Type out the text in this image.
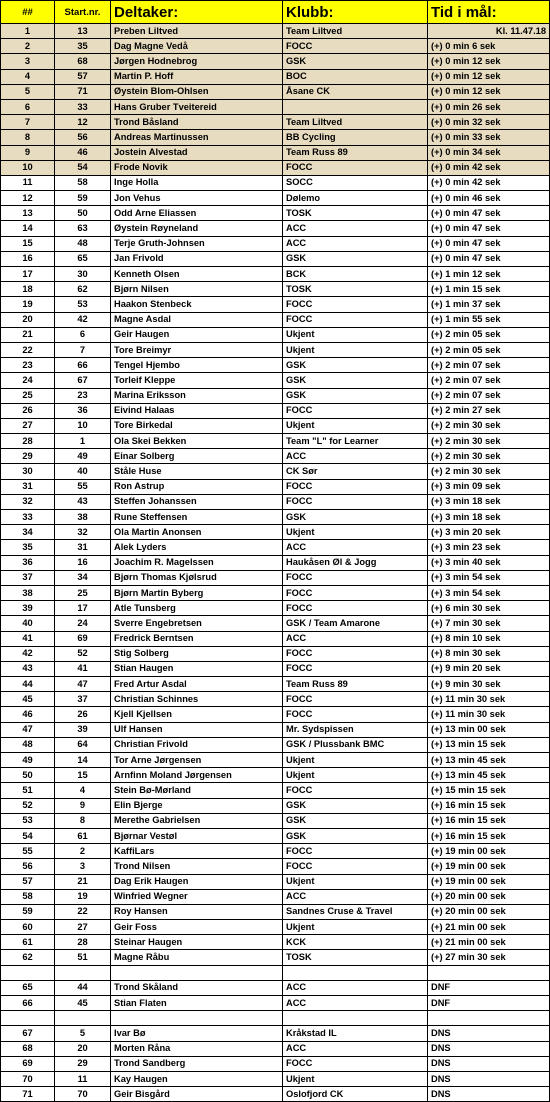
##	Start.nr.	Deltaker:	Klubb:	Tid i mål:
1	13	Preben Liltved	Team Liltved	Kl. 11.47.18
2	35	Dag Magne Vedå	FOCC	(+) 0 min 6 sek
3	68	Jørgen Hodnebrog	GSK	(+) 0 min 12 sek
4	57	Martin P. Hoff	BOC	(+) 0 min 12 sek
5	71	Øystein Blom-Ohlsen	Åsane CK	(+) 0 min 12 sek
6	33	Hans Gruber Tveitereid		(+) 0 min 26 sek
7	12	Trond Båsland	Team Liltved	(+) 0 min 32 sek
8	56	Andreas Martinussen	BB Cycling	(+) 0 min 33 sek
9	46	Jostein Alvestad	Team Russ 89	(+) 0 min 34 sek
10	54	Frode Novik	FOCC	(+) 0 min 42 sek
11	58	Inge Holla	SOCC	(+) 0 min 42 sek
12	59	Jon Vehus	Dølemo	(+) 0 min 46 sek
13	50	Odd Arne Eliassen	TOSK	(+) 0 min 47 sek
14	63	Øystein Røyneland	ACC	(+) 0 min 47 sek
15	48	Terje Gruth-Johnsen	ACC	(+) 0 min 47 sek
16	65	Jan Frivold	GSK	(+) 0 min 47 sek
17	30	Kenneth Olsen	BCK	(+) 1 min 12 sek
18	62	Bjørn Nilsen	TOSK	(+) 1 min 15 sek
19	53	Haakon Stenbeck	FOCC	(+) 1 min 37 sek
20	42	Magne Asdal	FOCC	(+) 1 min 55 sek
21	6	Geir Haugen	Ukjent	(+) 2 min 05 sek
22	7	Tore Breimyr	Ukjent	(+) 2 min 05 sek
23	66	Tengel Hjembo	GSK	(+) 2 min 07 sek
24	67	Torleif Kleppe	GSK	(+) 2 min 07 sek
25	23	Marina Eriksson	GSK	(+) 2 min 07 sek
26	36	Eivind Halaas	FOCC	(+) 2 min 27 sek
27	10	Tore Birkedal	Ukjent	(+) 2 min 30 sek
28	1	Ola Skei Bekken	Team "L" for Learner	(+) 2 min 30 sek
29	49	Einar Solberg	ACC	(+) 2 min 30 sek
30	40	Ståle Huse	CK Sør	(+) 2 min 30 sek
31	55	Ron Astrup	FOCC	(+) 3 min 09 sek
32	43	Steffen Johanssen	FOCC	(+) 3 min 18 sek
33	38	Rune Steffensen	GSK	(+) 3 min 18 sek
34	32	Ola Martin Anonsen	Ukjent	(+) 3 min 20 sek
35	31	Alek Lyders	ACC	(+) 3 min 23 sek
36	16	Joachim R. Magelssen	Haukåsen Øl & Jogg	(+) 3 min 40 sek
37	34	Bjørn Thomas Kjølsrud	FOCC	(+) 3 min 54 sek
38	25	Bjørn Martin Byberg	FOCC	(+) 3 min 54 sek
39	17	Atle Tunsberg	FOCC	(+) 6 min 30 sek
40	24	Sverre Engebretsen	GSK / Team Amarone	(+) 7 min 30 sek
41	69	Fredrick Berntsen	ACC	(+) 8 min 10 sek
42	52	Stig Solberg	FOCC	(+) 8 min 30 sek
43	41	Stian Haugen	FOCC	(+) 9 min 20 sek
44	47	Fred Artur Asdal	Team Russ 89	(+) 9 min 30 sek
45	37	Christian Schinnes	FOCC	(+) 11 min 30 sek
46	26	Kjell Kjellsen	FOCC	(+) 11 min 30 sek
47	39	Ulf Hansen	Mr. Sydspissen	(+) 13 min 00 sek
48	64	Christian Frivold	GSK / Plussbank BMC	(+) 13 min 15 sek
49	14	Tor Arne Jørgensen	Ukjent	(+) 13 min 45 sek
50	15	Arnfinn Moland Jørgensen	Ukjent	(+) 13 min 45 sek
51	4	Stein Bø-Mørland	FOCC	(+) 15 min 15 sek
52	9	Elin Bjerge	GSK	(+) 16 min 15 sek
53	8	Merethe Gabrielsen	GSK	(+) 16 min 15 sek
54	61	Bjørnar Vestøl	GSK	(+) 16 min 15 sek
55	2	KaffiLars	FOCC	(+) 19 min 00 sek
56	3	Trond Nilsen	FOCC	(+) 19 min 00 sek
57	21	Dag Erik Haugen	Ukjent	(+) 19 min 00 sek
58	19	Winfried Wegner	ACC	(+) 20 min 00 sek
59	22	Roy Hansen	Sandnes Cruse & Travel	(+) 20 min 00 sek
60	27	Geir Foss	Ukjent	(+) 21 min 00 sek
61	28	Steinar Haugen	KCK	(+) 21 min 00 sek
62	51	Magne Råbu	TOSK	(+) 27 min 30 sek

65	44	Trond Skåland	ACC	DNF
66	45	Stian Flaten	ACC	DNF

67	5	Ivar Bø	Kråkstad IL	DNS
68	20	Morten Råna	ACC	DNS
69	29	Trond Sandberg	FOCC	DNS
70	11	Kay Haugen	Ukjent	DNS
71	70	Geir Bisgård	Oslofjord CK	DNS
